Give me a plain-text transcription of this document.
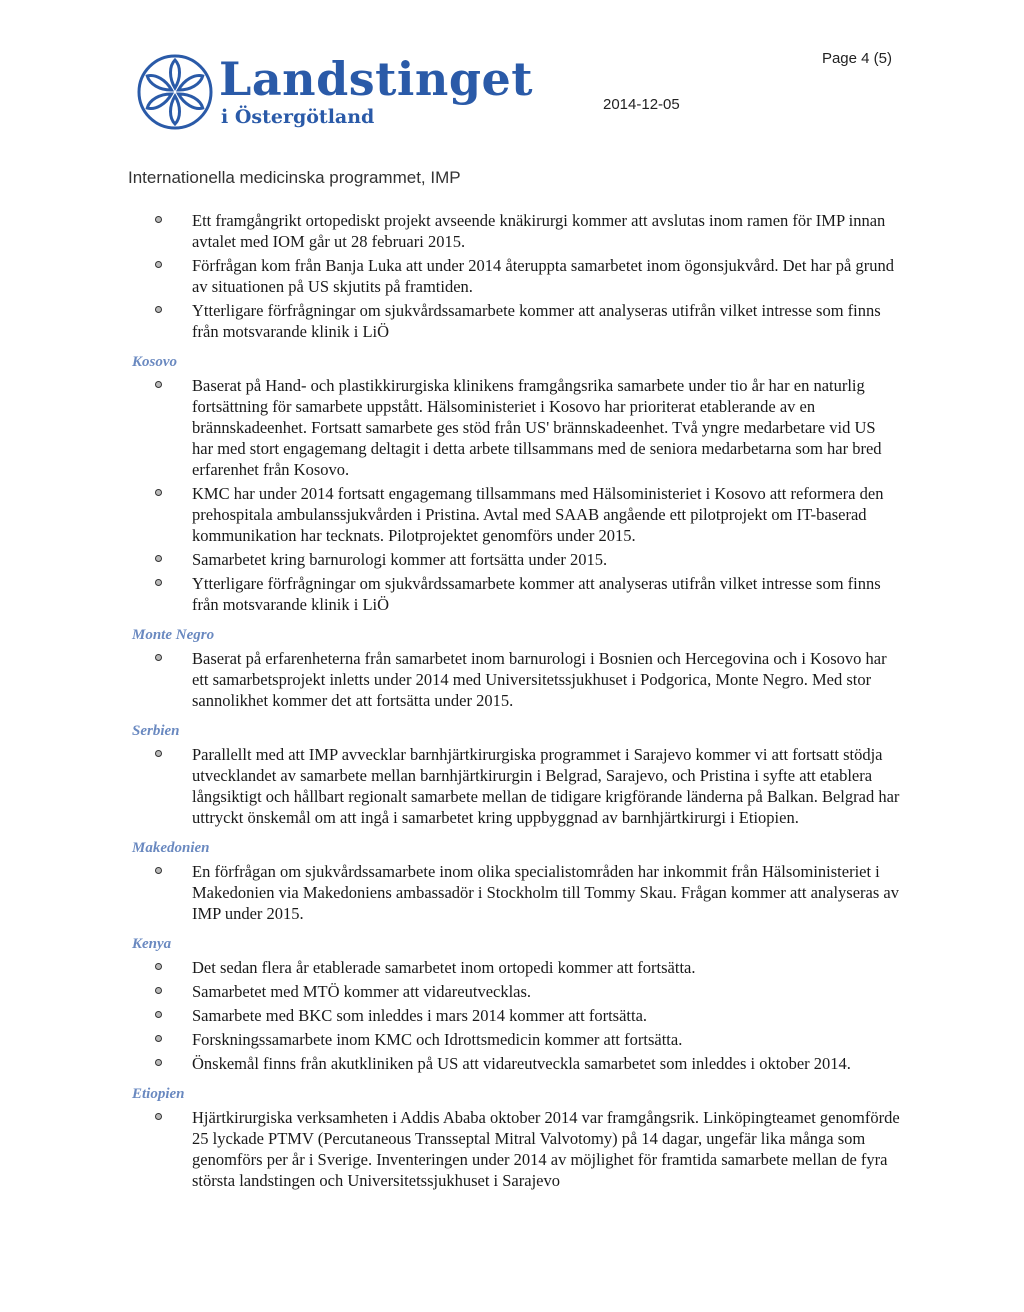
Landstinget
i Östergötland
Page 4 (5)
2014-12-05
Internationella medicinska programmet, IMP
Ett framgångrikt ortopediskt projekt avseende knäkirurgi kommer att avslutas inom ramen för IMP innan avtalet med IOM går ut 28 februari 2015.
Förfrågan kom från Banja Luka att under 2014 återuppta samarbetet inom ögonsjukvård. Det har på grund av situationen på US skjutits på framtiden.
Ytterligare förfrågningar om sjukvårdssamarbete kommer att analyseras utifrån vilket intresse som finns från motsvarande klinik i LiÖ
Kosovo
Baserat på Hand- och plastikkirurgiska klinikens framgångsrika samarbete under tio år har en naturlig fortsättning för samarbete uppstått. Hälsoministeriet i Kosovo har prioriterat etablerande av en brännskadeenhet. Fortsatt samarbete ges stöd från US' brännskadeenhet. Två yngre medarbetare vid US har med stort engagemang deltagit i detta arbete tillsammans med de seniora medarbetarna som har bred erfarenhet från Kosovo.
KMC har under 2014 fortsatt engagemang tillsammans med Hälsoministeriet i Kosovo att reformera den prehospitala ambulanssjukvården i Pristina. Avtal med SAAB angående ett pilotprojekt om IT-baserad kommunikation har tecknats. Pilotprojektet genomförs under 2015.
Samarbetet kring barnurologi kommer att fortsätta under 2015.
Ytterligare förfrågningar om sjukvårdssamarbete kommer att analyseras utifrån vilket intresse som finns från motsvarande klinik i LiÖ
Monte Negro
Baserat på erfarenheterna från samarbetet inom barnurologi i Bosnien och Hercegovina och i Kosovo har ett samarbetsprojekt inletts under 2014 med Universitetssjukhuset i Podgorica, Monte Negro. Med stor sannolikhet kommer det att fortsätta under 2015.
Serbien
Parallellt med att IMP avvecklar barnhjärtkirurgiska programmet i Sarajevo kommer vi att fortsatt stödja utvecklandet av samarbete mellan barnhjärtkirurgin i Belgrad, Sarajevo, och Pristina i syfte att etablera långsiktigt och hållbart regionalt samarbete mellan de tidigare krigförande länderna på Balkan. Belgrad har uttryckt önskemål om att ingå i samarbetet kring uppbyggnad av barnhjärtkirurgi i Etiopien.
Makedonien
En förfrågan om sjukvårdssamarbete inom olika specialistområden har inkommit från Hälsoministeriet i Makedonien via Makedoniens ambassadör i Stockholm till Tommy Skau. Frågan kommer att analyseras av IMP under 2015.
Kenya
Det sedan flera år etablerade samarbetet inom ortopedi kommer att fortsätta.
Samarbetet med MTÖ kommer att vidareutvecklas.
Samarbete med BKC som inleddes i mars 2014 kommer att fortsätta.
Forskningssamarbete inom KMC och Idrottsmedicin kommer att fortsätta.
Önskemål finns från akutkliniken på US att vidareutveckla samarbetet som inleddes i oktober 2014.
Etiopien
Hjärtkirurgiska verksamheten i Addis Ababa oktober 2014 var framgångsrik. Linköpingteamet genomförde 25 lyckade PTMV (Percutaneous Transseptal Mitral Valvotomy) på 14 dagar, ungefär lika många som genomförs per år i Sverige. Inventeringen under 2014 av möjlighet för framtida samarbete mellan de fyra största landstingen och Universitetssjukhuset i Sarajevo
